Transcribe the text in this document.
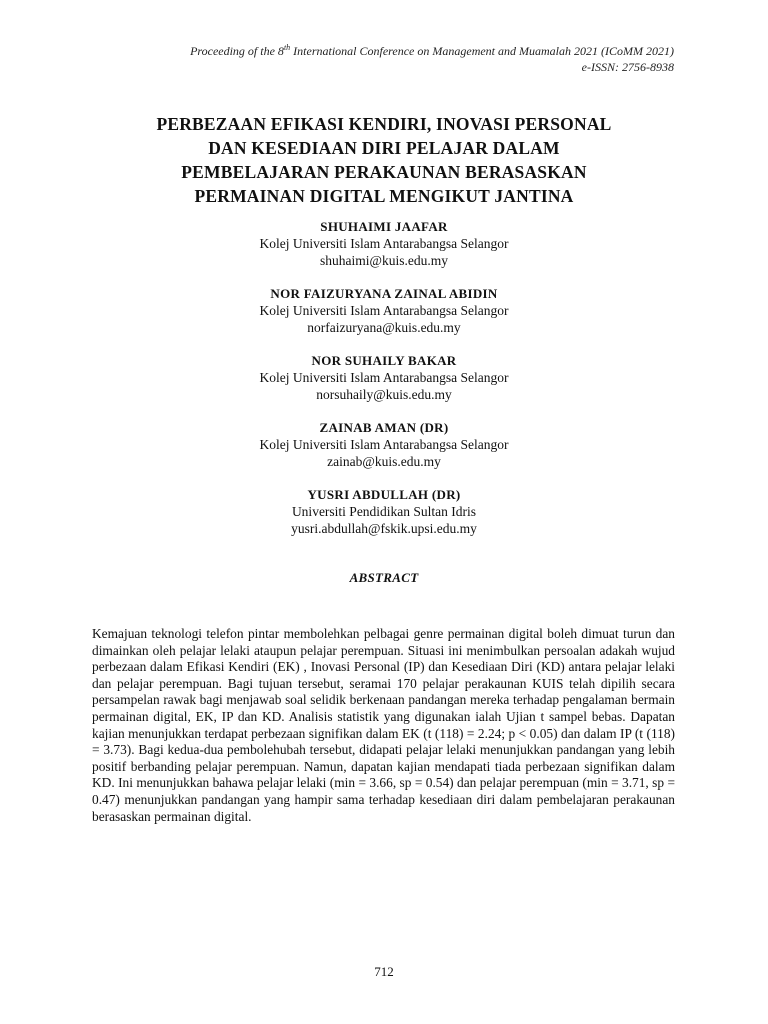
Proceeding of the 8th International Conference on Management and Muamalah 2021 (ICoMM 2021)
e-ISSN: 2756-8938
PERBEZAAN EFIKASI KENDIRI, INOVASI PERSONAL
DAN KESEDIAAN DIRI PELAJAR DALAM
PEMBELAJARAN PERAKAUNAN BERASASKAN
PERMAINAN DIGITAL MENGIKUT JANTINA
SHUHAIMI JAAFAR
Kolej Universiti Islam Antarabangsa Selangor
shuhaimi@kuis.edu.my
NOR FAIZURYANA ZAINAL ABIDIN
Kolej Universiti Islam Antarabangsa Selangor
norfaizuryana@kuis.edu.my
NOR SUHAILY BAKAR
Kolej Universiti Islam Antarabangsa Selangor
norsuhaily@kuis.edu.my
ZAINAB AMAN (DR)
Kolej Universiti Islam Antarabangsa Selangor
zainab@kuis.edu.my
YUSRI ABDULLAH (DR)
Universiti Pendidikan Sultan Idris
yusri.abdullah@fskik.upsi.edu.my
ABSTRACT

Kemajuan teknologi telefon pintar membolehkan pelbagai genre permainan digital boleh dimuat turun dan dimainkan oleh pelajar lelaki ataupun pelajar perempuan. Situasi ini menimbulkan persoalan adakah wujud perbezaan dalam Efikasi Kendiri (EK) , Inovasi Personal (IP) dan Kesediaan Diri (KD) antara pelajar lelaki dan pelajar perempuan. Bagi tujuan tersebut, seramai 170 pelajar perakaunan KUIS telah dipilih secara persampelan rawak bagi menjawab soal selidik berkenaan pandangan mereka terhadap pengalaman bermain permainan digital, EK, IP dan KD. Analisis statistik yang digunakan ialah Ujian t sampel bebas. Dapatan kajian menunjukkan terdapat perbezaan signifikan dalam EK (t (118) = 2.24; p < 0.05) dan dalam IP (t (118) = 3.73). Bagi kedua-dua pembolehubah tersebut, didapati pelajar lelaki menunjukkan pandangan yang lebih positif berbanding pelajar perempuan. Namun, dapatan kajian mendapati tiada perbezaan signifikan dalam KD. Ini menunjukkan bahawa pelajar lelaki (min = 3.66, sp = 0.54) dan pelajar perempuan (min = 3.71, sp = 0.47) menunjukkan pandangan yang hampir sama terhadap kesediaan diri dalam pembelajaran perakaunan berasaskan permainan digital.

712
